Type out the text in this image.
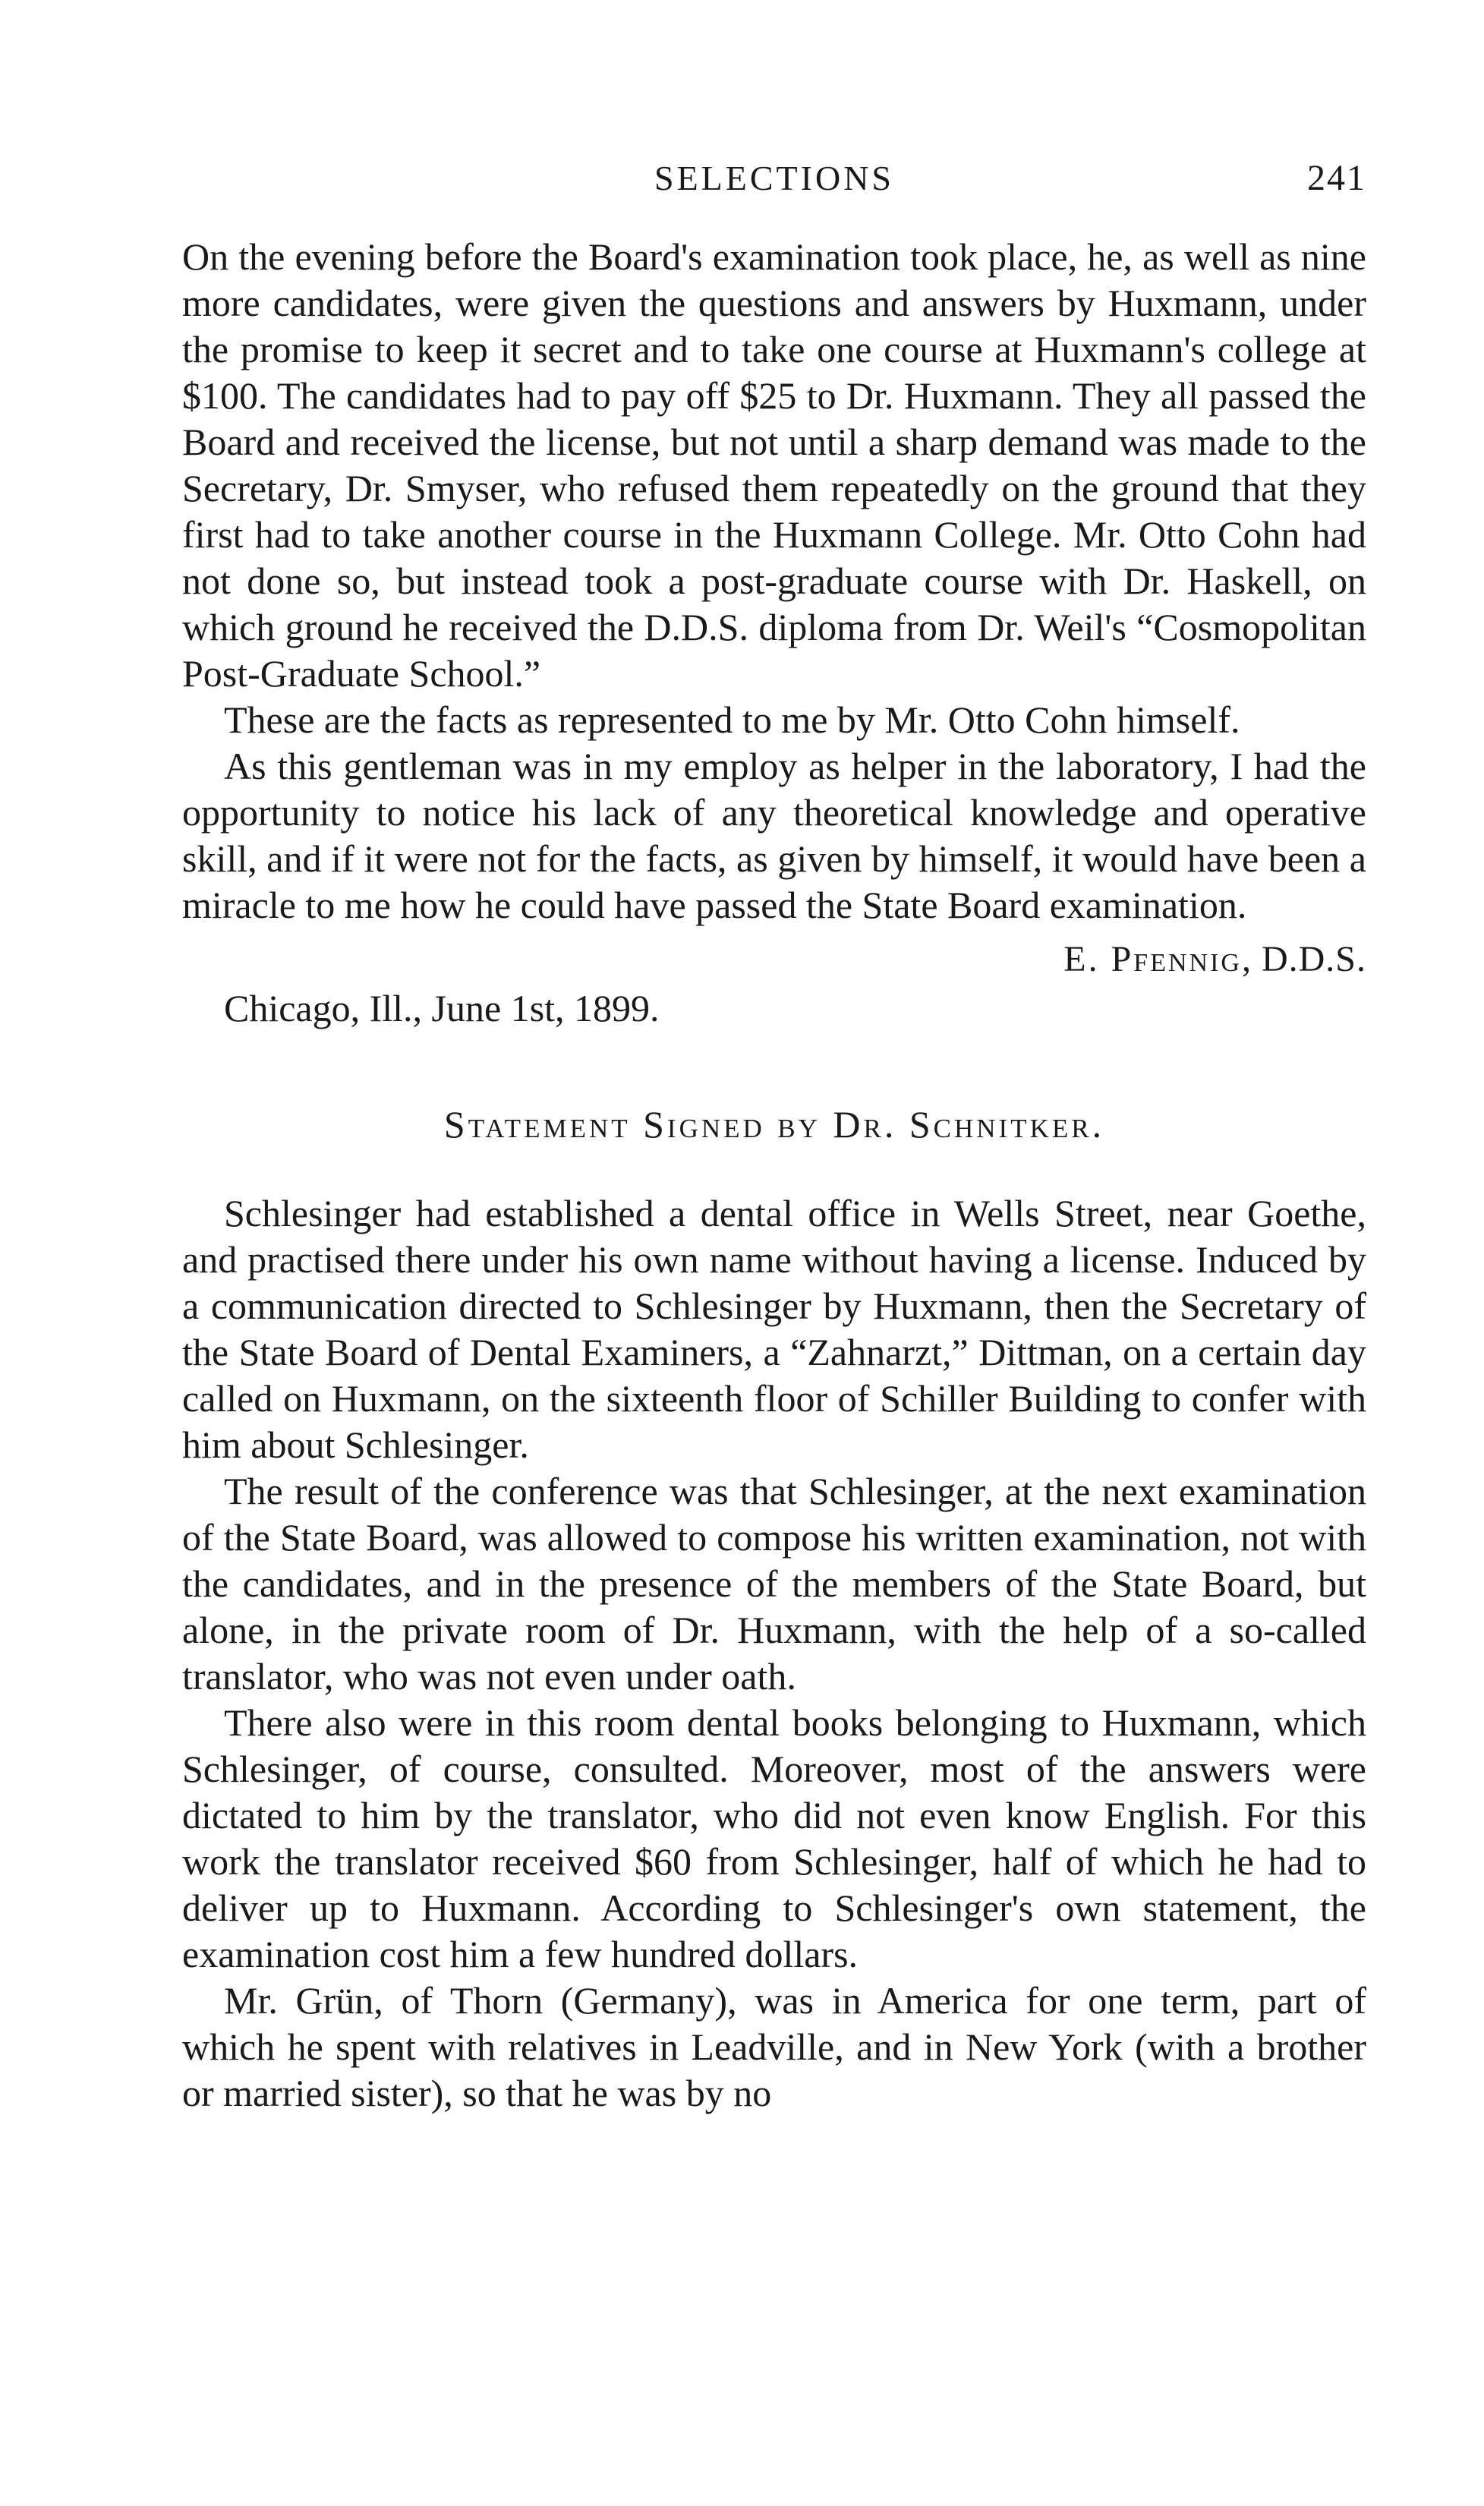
SELECTIONS	241

On the evening before the Board's examination took place, he, as well as nine more candidates, were given the questions and answers by Huxmann, under the promise to keep it secret and to take one course at Huxmann's college at $100. The candidates had to pay off $25 to Dr. Huxmann. They all passed the Board and received the license, but not until a sharp demand was made to the Secretary, Dr. Smyser, who refused them repeatedly on the ground that they first had to take another course in the Huxmann College. Mr. Otto Cohn had not done so, but instead took a post-graduate course with Dr. Haskell, on which ground he received the D.D.S. diploma from Dr. Weil's “Cosmopolitan Post-Graduate School.”

These are the facts as represented to me by Mr. Otto Cohn himself.

As this gentleman was in my employ as helper in the laboratory, I had the opportunity to notice his lack of any theoretical knowledge and operative skill, and if it were not for the facts, as given by himself, it would have been a miracle to me how he could have passed the State Board examination.

E. Pfennig, D.D.S.
Chicago, Ill., June 1st, 1899.
Statement Signed by Dr. Schnitker.

Schlesinger had established a dental office in Wells Street, near Goethe, and practised there under his own name without having a license. Induced by a communication directed to Schlesinger by Huxmann, then the Secretary of the State Board of Dental Examiners, a “Zahnarzt,” Dittman, on a certain day called on Huxmann, on the sixteenth floor of Schiller Building to confer with him about Schlesinger.

The result of the conference was that Schlesinger, at the next examination of the State Board, was allowed to compose his written examination, not with the candidates, and in the presence of the members of the State Board, but alone, in the private room of Dr. Huxmann, with the help of a so-called translator, who was not even under oath.

There also were in this room dental books belonging to Huxmann, which Schlesinger, of course, consulted. Moreover, most of the answers were dictated to him by the translator, who did not even know English. For this work the translator received $60 from Schlesinger, half of which he had to deliver up to Huxmann. According to Schlesinger's own statement, the examination cost him a few hundred dollars.

Mr. Grün, of Thorn (Germany), was in America for one term, part of which he spent with relatives in Leadville, and in New York (with a brother or married sister), so that he was by no
